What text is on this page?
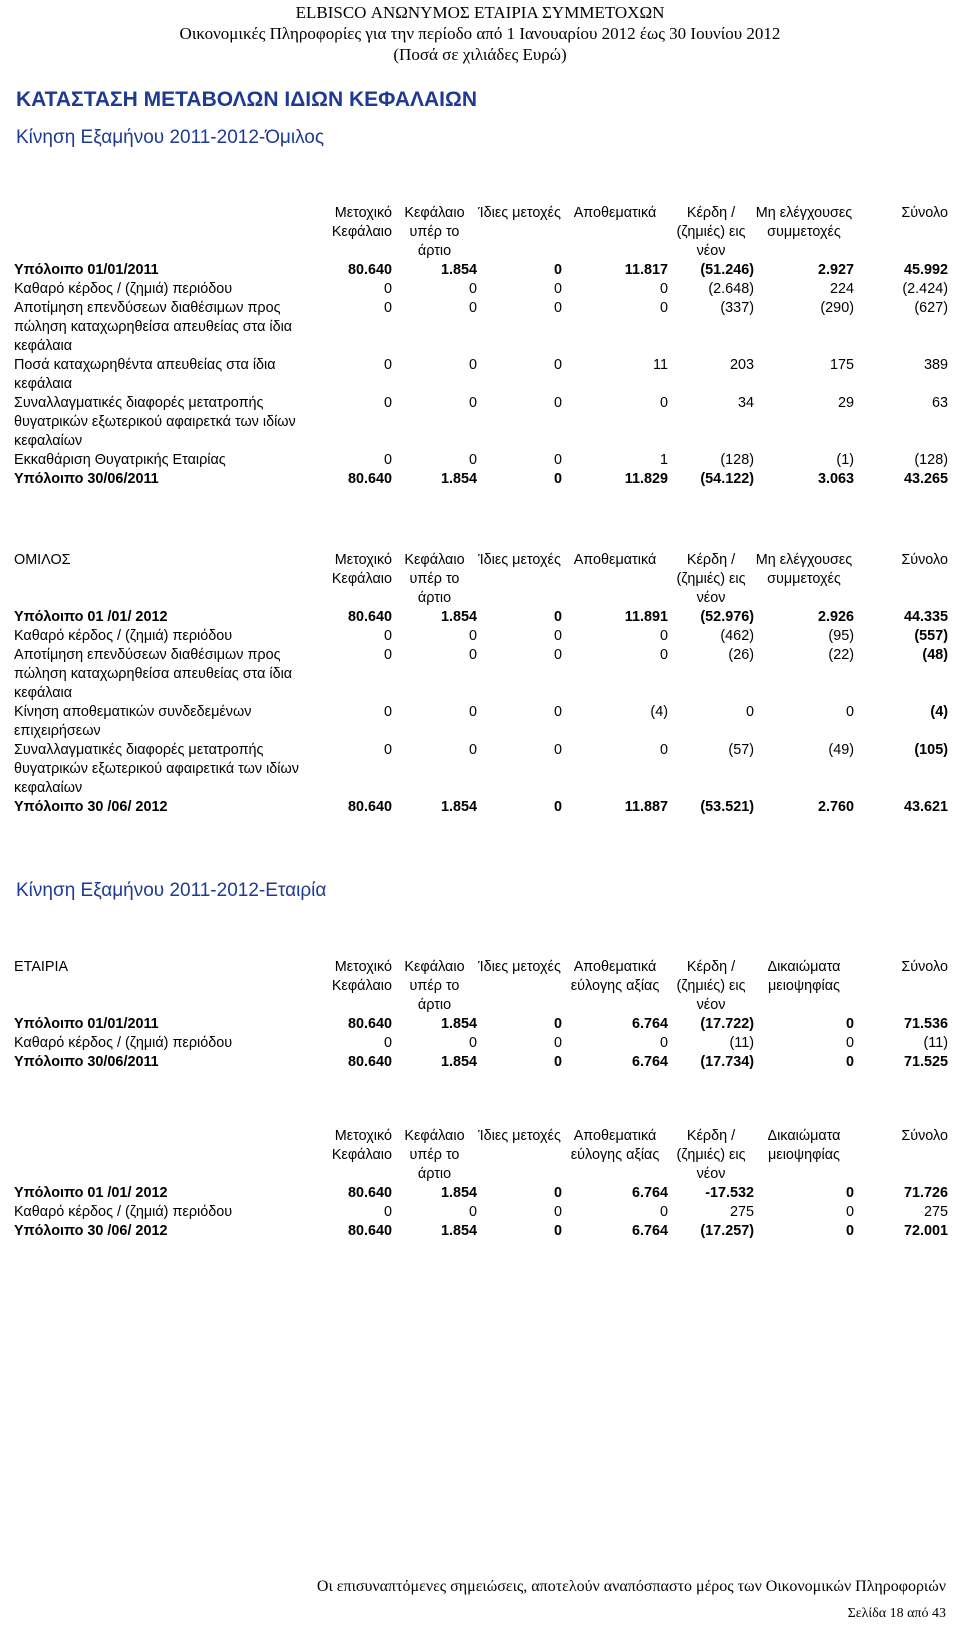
ELBISCO ΑΝΩΝΥΜΟΣ ΕΤΑΙΡΙΑ ΣΥΜΜΕΤΟΧΩΝ
Οικονομικές Πληροφορίες για την περίοδο από 1 Ιανουαρίου 2012 έως 30 Ιουνίου 2012
(Ποσά σε χιλιάδες Ευρώ)
ΚΑΤΑΣΤΑΣΗ ΜΕΤΑΒΟΛΩΝ ΙΔΙΩΝ ΚΕΦΑΛΑΙΩΝ
Κίνηση Εξαμήνου 2011-2012-Όμιλος
	Μετοχικό Κεφάλαιο	Κεφάλαιο υπέρ το άρτιο	Ίδιες μετοχές	Αποθεματικά	Κέρδη / (ζημιές) εις νέον	Μη ελέγχουσες συμμετοχές	Σύνολο
Υπόλοιπο 01/01/2011	80.640	1.854	0	11.817	(51.246)	2.927	45.992
Καθαρό κέρδος / (ζημιά) περιόδου	0	0	0	0	(2.648)	224	(2.424)
Αποτίμηση επενδύσεων διαθέσιμων προς πώληση καταχωρηθείσα απευθείας στα ίδια κεφάλαια	0	0	0	0	(337)	(290)	(627)
Ποσά καταχωρηθέντα απευθείας στα ίδια κεφάλαια	0	0	0	11	203	175	389
Συναλλαγματικές διαφορές μετατροπής θυγατρικών εξωτερικού αφαιρετκά των ιδίων κεφαλαίων	0	0	0	0	34	29	63
Εκκαθάριση Θυγατρικής Εταιρίας	0	0	0	1	(128)	(1)	(128)
Υπόλοιπο 30/06/2011	80.640	1.854	0	11.829	(54.122)	3.063	43.265
ΟΜΙΛΟΣ	Μετοχικό Κεφάλαιο	Κεφάλαιο υπέρ το άρτιο	Ίδιες μετοχές	Αποθεματικά	Κέρδη / (ζημιές) εις νέον	Μη ελέγχουσες συμμετοχές	Σύνολο
Υπόλοιπο 01 /01/ 2012	80.640	1.854	0	11.891	(52.976)	2.926	44.335
Καθαρό κέρδος / (ζημιά) περιόδου	0	0	0	0	(462)	(95)	(557)
Αποτίμηση επενδύσεων διαθέσιμων προς πώληση καταχωρηθείσα απευθείας στα ίδια κεφάλαια	0	0	0	0	(26)	(22)	(48)
Κίνηση αποθεματικών συνδεδεμένων επιχειρήσεων	0	0	0	(4)	0	0	(4)
Συναλλαγματικές διαφορές μετατροπής θυγατρικών εξωτερικού αφαιρετικά των ιδίων κεφαλαίων	0	0	0	0	(57)	(49)	(105)
Υπόλοιπο 30 /06/ 2012	80.640	1.854	0	11.887	(53.521)	2.760	43.621
Κίνηση Εξαμήνου 2011-2012-Εταιρία
ΕΤΑΙΡΙΑ	Μετοχικό Κεφάλαιο	Κεφάλαιο υπέρ το άρτιο	Ίδιες μετοχές	Αποθεματικά εύλογης αξίας	Κέρδη / (ζημιές) εις νέον	Δικαιώματα μειοψηφίας	Σύνολο
Υπόλοιπο 01/01/2011	80.640	1.854	0	6.764	(17.722)	0	71.536
Καθαρό κέρδος / (ζημιά) περιόδου	0	0	0	0	(11)	0	(11)
Υπόλοιπο 30/06/2011	80.640	1.854	0	6.764	(17.734)	0	71.525
	Μετοχικό Κεφάλαιο	Κεφάλαιο υπέρ το άρτιο	Ίδιες μετοχές	Αποθεματικά εύλογης αξίας	Κέρδη / (ζημιές) εις νέον	Δικαιώματα μειοψηφίας	Σύνολο
Υπόλοιπο 01 /01/ 2012	80.640	1.854	0	6.764	-17.532	0	71.726
Καθαρό κέρδος / (ζημιά) περιόδου	0	0	0	0	275	0	275
Υπόλοιπο 30 /06/ 2012	80.640	1.854	0	6.764	(17.257)	0	72.001
Οι επισυναπτόμενες σημειώσεις, αποτελούν αναπόσπαστο μέρος των Οικονομικών Πληροφοριών
Σελίδα 18 από 43
